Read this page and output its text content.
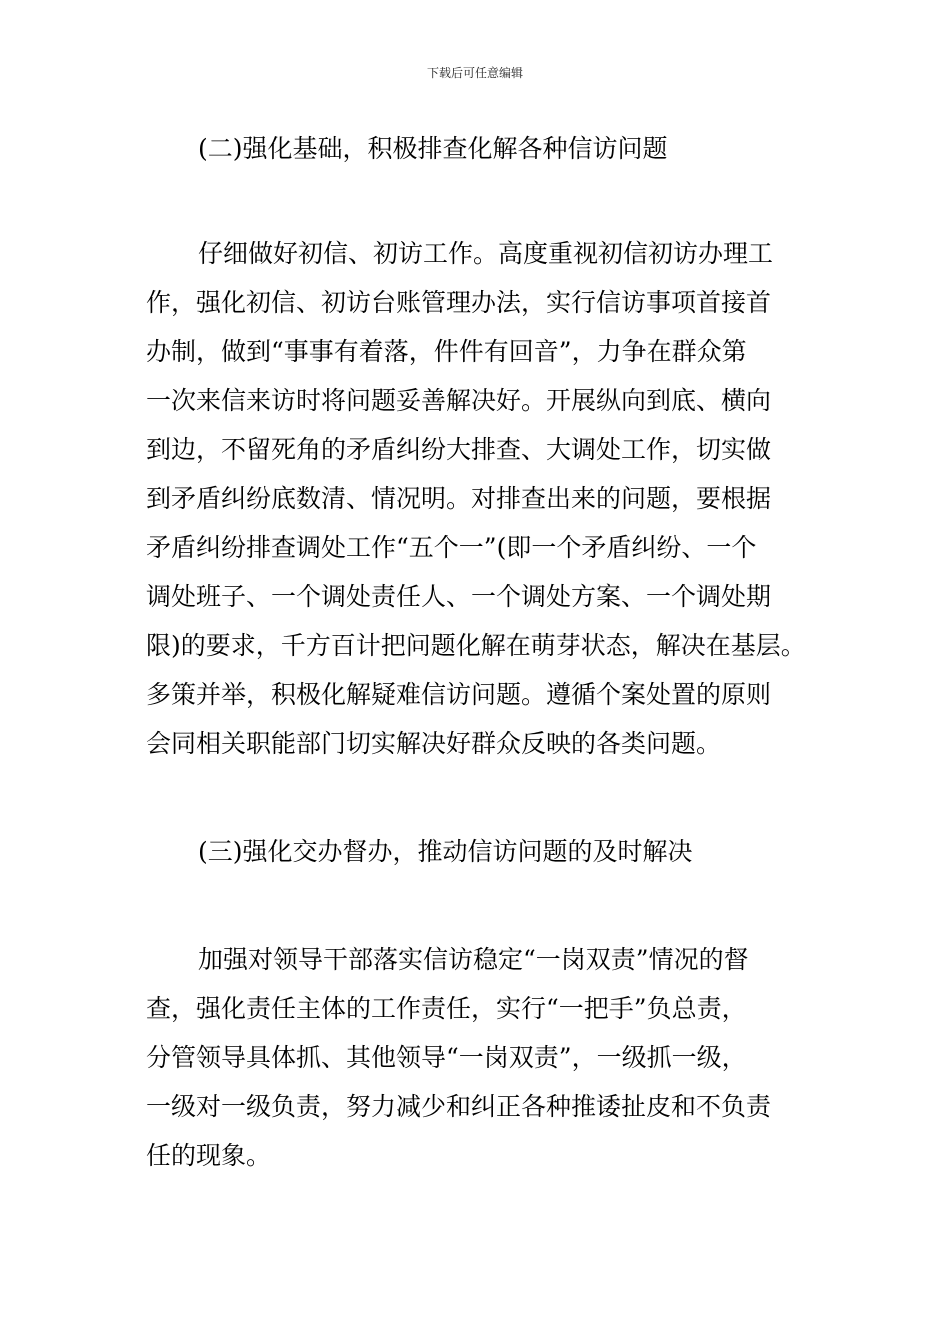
下载后可任意编辑
(二)强化基础，积极排查化解各种信访问题
仔细做好初信、初访工作。高度重视初信初访办理工
作，强化初信、初访台账管理办法，实行信访事项首接首
办制，做到“事事有着落，件件有回音”，力争在群众第
一次来信来访时将问题妥善解决好。开展纵向到底、横向
到边，不留死角的矛盾纠纷大排查、大调处工作，切实做
到矛盾纠纷底数清、情况明。对排查出来的问题，要根据
矛盾纠纷排查调处工作“五个一”(即一个矛盾纠纷、一个
调处班子、一个调处责任人、一个调处方案、一个调处期
限)的要求，千方百计把问题化解在萌芽状态，解决在基层。
多策并举，积极化解疑难信访问题。遵循个案处置的原则
会同相关职能部门切实解决好群众反映的各类问题。
(三)强化交办督办，推动信访问题的及时解决
加强对领导干部落实信访稳定“一岗双责”情况的督
查，强化责任主体的工作责任，实行“一把手”负总责，
分管领导具体抓、其他领导“一岗双责”，一级抓一级，
一级对一级负责，努力减少和纠正各种推诿扯皮和不负责
任的现象。
